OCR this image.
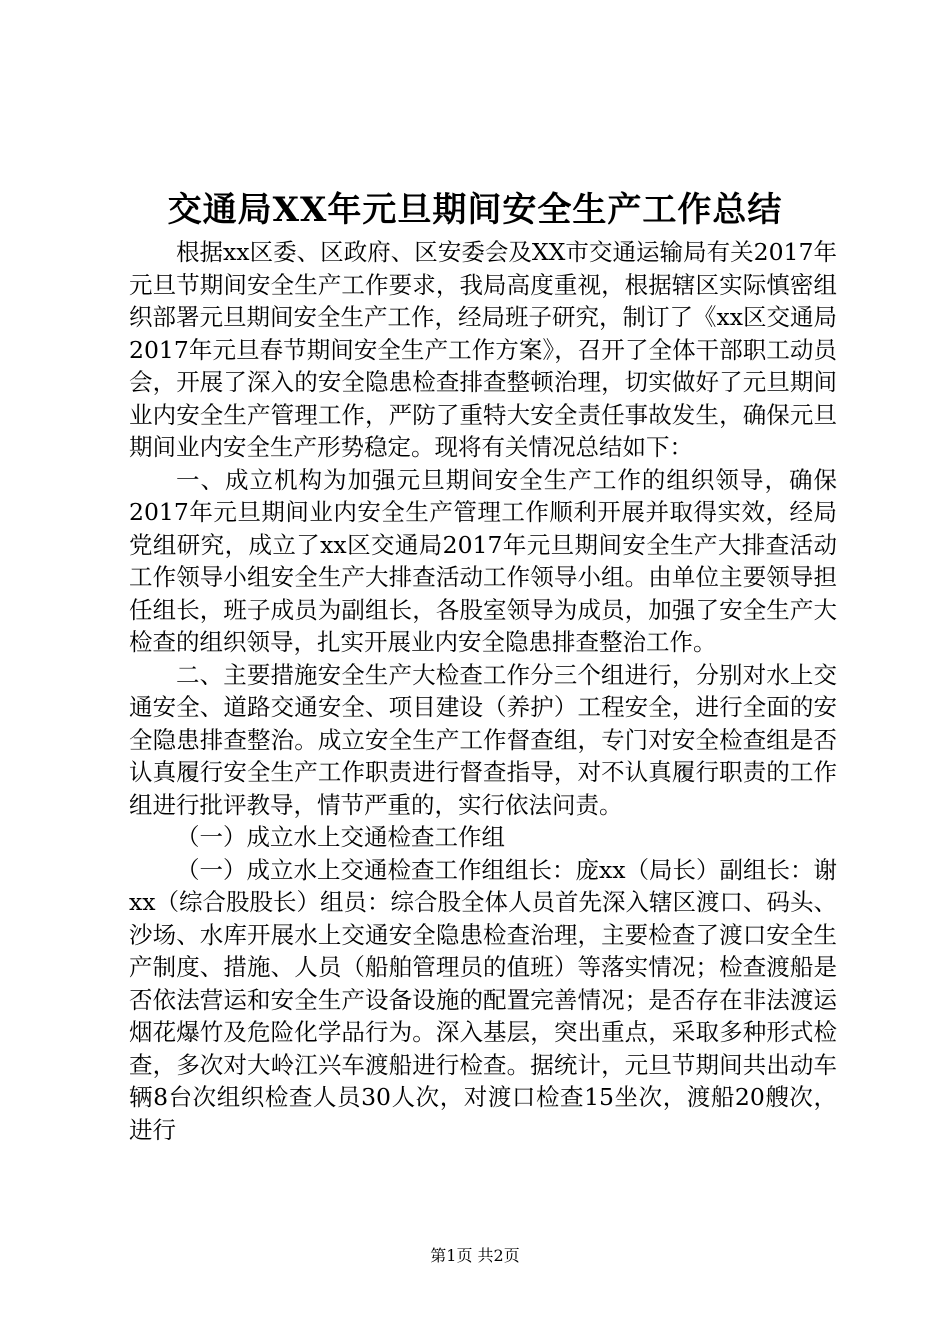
交通局XX年元旦期间安全生产工作总结

根据xx区委、区政府、区安委会及XX市交通运输局有关2017年元旦节期间安全生产工作要求，我局高度重视，根据辖区实际慎密组织部署元旦期间安全生产工作，经局班子研究，制订了《xx区交通局2017年元旦春节期间安全生产工作方案》，召开了全体干部职工动员会，开展了深入的安全隐患检查排查整顿治理，切实做好了元旦期间业内安全生产管理工作，严防了重特大安全责任事故发生，确保元旦期间业内安全生产形势稳定。现将有关情况总结如下：

一、成立机构为加强元旦期间安全生产工作的组织领导，确保2017年元旦期间业内安全生产管理工作顺利开展并取得实效，经局党组研究，成立了xx区交通局2017年元旦期间安全生产大排查活动工作领导小组安全生产大排查活动工作领导小组。由单位主要领导担任组长，班子成员为副组长，各股室领导为成员，加强了安全生产大检查的组织领导，扎实开展业内安全隐患排查整治工作。

二、主要措施安全生产大检查工作分三个组进行，分别对水上交通安全、道路交通安全、项目建设（养护）工程安全，进行全面的安全隐患排查整治。成立安全生产工作督查组，专门对安全检查组是否认真履行安全生产工作职责进行督查指导，对不认真履行职责的工作组进行批评教导，情节严重的，实行依法问责。

（一）成立水上交通检查工作组

（一）成立水上交通检查工作组组长：庞xx（局长）副组长：谢xx（综合股股长）组员：综合股全体人员首先深入辖区渡口、码头、沙场、水库开展水上交通安全隐患检查治理，主要检查了渡口安全生产制度、措施、人员（船舶管理员的值班）等落实情况；检查渡船是否依法营运和安全生产设备设施的配置完善情况；是否存在非法渡运烟花爆竹及危险化学品行为。深入基层，突出重点，采取多种形式检查，多次对大岭江兴车渡船进行检查。据统计，元旦节期间共出动车辆8台次组织检查人员30人次，对渡口检查15坐次，渡船20艘次，进行

第1页 共2页
